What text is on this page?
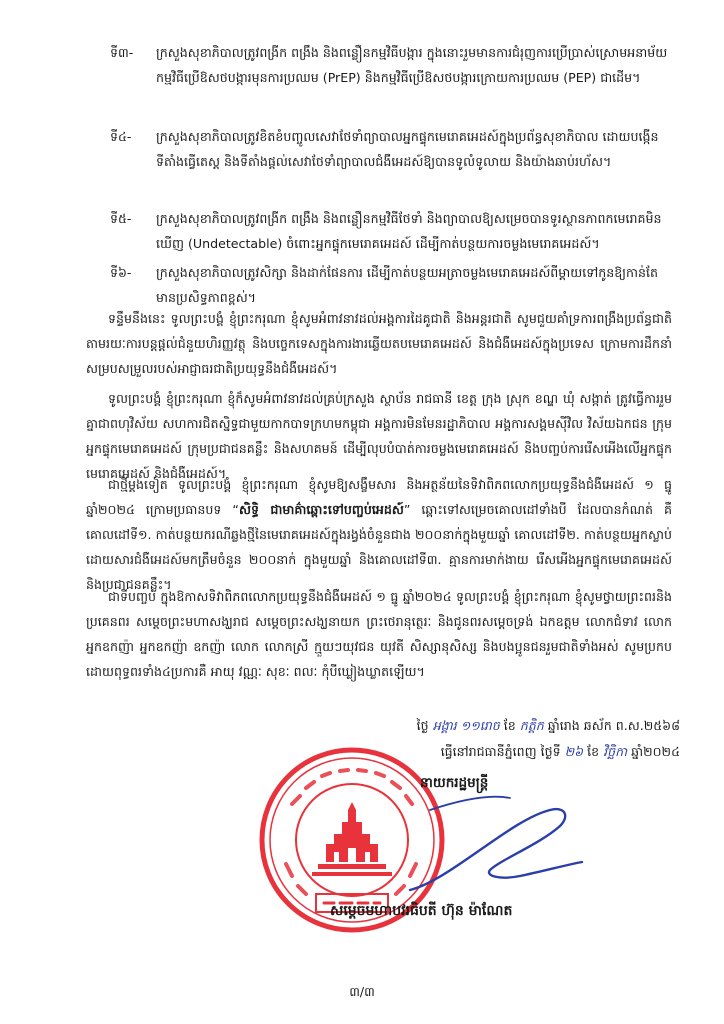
ទី៣-	ក្រសួងសុខាភិបាលត្រូវពង្រីក ពង្រឹង និងពន្លឿនកម្មវិធីបង្ការ ក្នុងនោះរួមមានការជំរុញការប្រើប្រាស់ស្រោមអនាម័យ កម្មវិធីប្រើឱសថបង្ការមុនការប្រឈម (PrEP) និងកម្មវិធីប្រើឱសថបង្ការក្រោយការប្រឈម (PEP) ជាដើម។
ទី៤-	ក្រសួងសុខាភិបាលត្រូវខិតខំបញ្ចូលសេវាថែទាំព្យាបាលអ្នកផ្ទុកមេរោគអេដស៍ក្នុងប្រព័ន្ធសុខាភិបាល ដោយបង្កើនទីតាំងធ្វើតេស្ត និងទីតាំងផ្តល់សេវាថែទាំព្យាបាលជំងឺអេដស៍ឱ្យបានទូលំទូលាយ និងយ៉ាងឆាប់រហ័ស។
ទី៥-	ក្រសួងសុខាភិបាលត្រូវពង្រីក ពង្រឹង និងពន្លឿនកម្មវិធីថែទាំ និងព្យាបាលឱ្យសម្រេចបានទូរស្ថានភាពកមេរោគមិនឃើញ (Undetectable) ចំពោះអ្នកផ្ទុកមេរោគអេដស៍ ដើម្បីកាត់បន្ថយការចម្លងមេរោគអេដស៍។
ទី៦-	ក្រសួងសុខាភិបាលត្រូវសិក្សា និងដាក់ផែនការ ដើម្បីកាត់បន្ថយអត្រាចម្លងមេរោគអេដស៍ពីម្តាយទៅកូនឱ្យកាន់តែមានប្រសិទ្ធភាពខ្ពស់។

ទន្ទឹមនឹងនេះ ទូលព្រះបង្គំ ខ្ញុំព្រះករុណា ខ្ញុំសូមអំពាវនាវដល់អង្គការដៃគូជាតិ និងអន្តរជាតិ សូមជួយគាំទ្រការពង្រឹងប្រព័ន្ធជាតិ តាមរយៈការបន្តផ្តល់ជំនួយហិរញ្ញវត្ថុ និងបច្ចេកទេសក្នុងការងារឆ្លើយតបមេរោគអេដស៍ និងជំងឺអេដស៍ក្នុងប្រទេស ក្រោមការដឹកនាំសម្របសម្រួលរបស់អាជ្ញាធរជាតិប្រយុទ្ធនឹងជំងឺអេដស៍។

ទូលព្រះបង្គំ ខ្ញុំព្រះករុណា ខ្ញុំក៏សូមអំពាវនាវដល់គ្រប់ក្រសួង ស្ថាប័ន រាជធានី ខេត្ត ក្រុង ស្រុក ខណ្ឌ ឃុំ សង្កាត់ ត្រូវធ្វើការរួមគ្នាជាពហុវិស័យ សហការជិតស្និទ្ធជាមួយកាកបាទក្រហមកម្ពុជា អង្គការមិនមែនរដ្ឋាភិបាល អង្គការសង្គមស៊ីវិល វិស័យឯកជន ក្រុមអ្នកផ្ទុកមេរោគអេដស៍ ក្រុមប្រជាជនគន្លឹះ និងសហគមន៍ ដើម្បីលុបបំបាត់ការចម្លងមេរោគអេដស៍ និងបញ្ចប់ការរើសអើងលើអ្នកផ្ទុកមេរោគអេដស៍ និងជំងឺអេដស៍។

ជាថ្មីម្តងទៀត ទូលព្រះបង្គំ ខ្ញុំព្រះករុណា ខ្ញុំសូមឱ្យសង្ខឹមសារ និងអត្ថន័យនៃទិវាពិភពលោកប្រយុទ្ធនឹងជំងឺអេដស៍ ១ ធ្នូ ឆ្នាំ២០២៤ ក្រោមប្រធានបទ “សិទ្ធិ ជាមាគ៌ាឆ្ពោះទៅបញ្ចប់អេដស៍” ឆ្ពោះទៅសម្រេចគោលដៅទាំងបី ដែលបានកំណត់ គឺគោលដៅទី១. កាត់បន្ថយករណីឆ្លងថ្មីនៃមេរោគអេដស៍ក្នុងរង្វង់ចំនួនជាង ២០០នាក់ក្នុងមួយឆ្នាំ គោលដៅទី២. កាត់បន្ថយអ្នកស្លាប់ដោយសារជំងឺអេដស៍មកត្រឹមចំនួន ២០០នាក់ ក្នុងមួយឆ្នាំ និងគោលដៅទី៣. គ្មានការមាក់ងាយ រើសអើងអ្នកផ្ទុកមេរោគអេដស៍ និងប្រជាជនគន្លឹះ។

ជាទីបញ្ចប់ ក្នុងឱកាសទិវាពិភពលោកប្រយុទ្ធនឹងជំងឺអេដស៍ ១ ធ្នូ ឆ្នាំ២០២៤ ទូលព្រះបង្គំ ខ្ញុំព្រះករុណា ខ្ញុំសូមថ្វាយព្រះពរនិងប្រគេនពរ សម្ដេចព្រះមហាសង្ឃរាជ សម្ដេចព្រះសង្ឃនាយក ព្រះថេរានុត្ថេរៈ និងជូនពរសម្ដេចទ្រង់ ឯកឧត្តម លោកជំទាវ លោកអ្នកឧកញ៉ា អ្នកឧកញ៉ា ឧកញ៉ា លោក លោកស្រី ក្មួយៗយុវជន យុវតី សិស្សានុសិស្ស និងបងប្អូនជនរួមជាតិទាំងអស់ សូមប្រកបដោយពុទ្ធពរទាំង៤ប្រការគឺ អាយុ វណ្ណៈ សុខៈ ពលៈ កុំបីឃ្លៀងឃ្លាតឡើយ។

ថ្ងៃ អង្គារ ១១រោច ខែ កត្តិក ឆ្នាំរោង ឆស័ក ព.ស.២៥៦៨
ធ្វើនៅរាជធានីភ្នំពេញ ថ្ងៃទី ២៦ ខែ វិច្ឆិកា ឆ្នាំ២០២៤
នាយករដ្ឋមន្ត្រី
សម្តេចមហាបវរធិបតី ហ៊ុន ម៉ាណែត
៣/៣
